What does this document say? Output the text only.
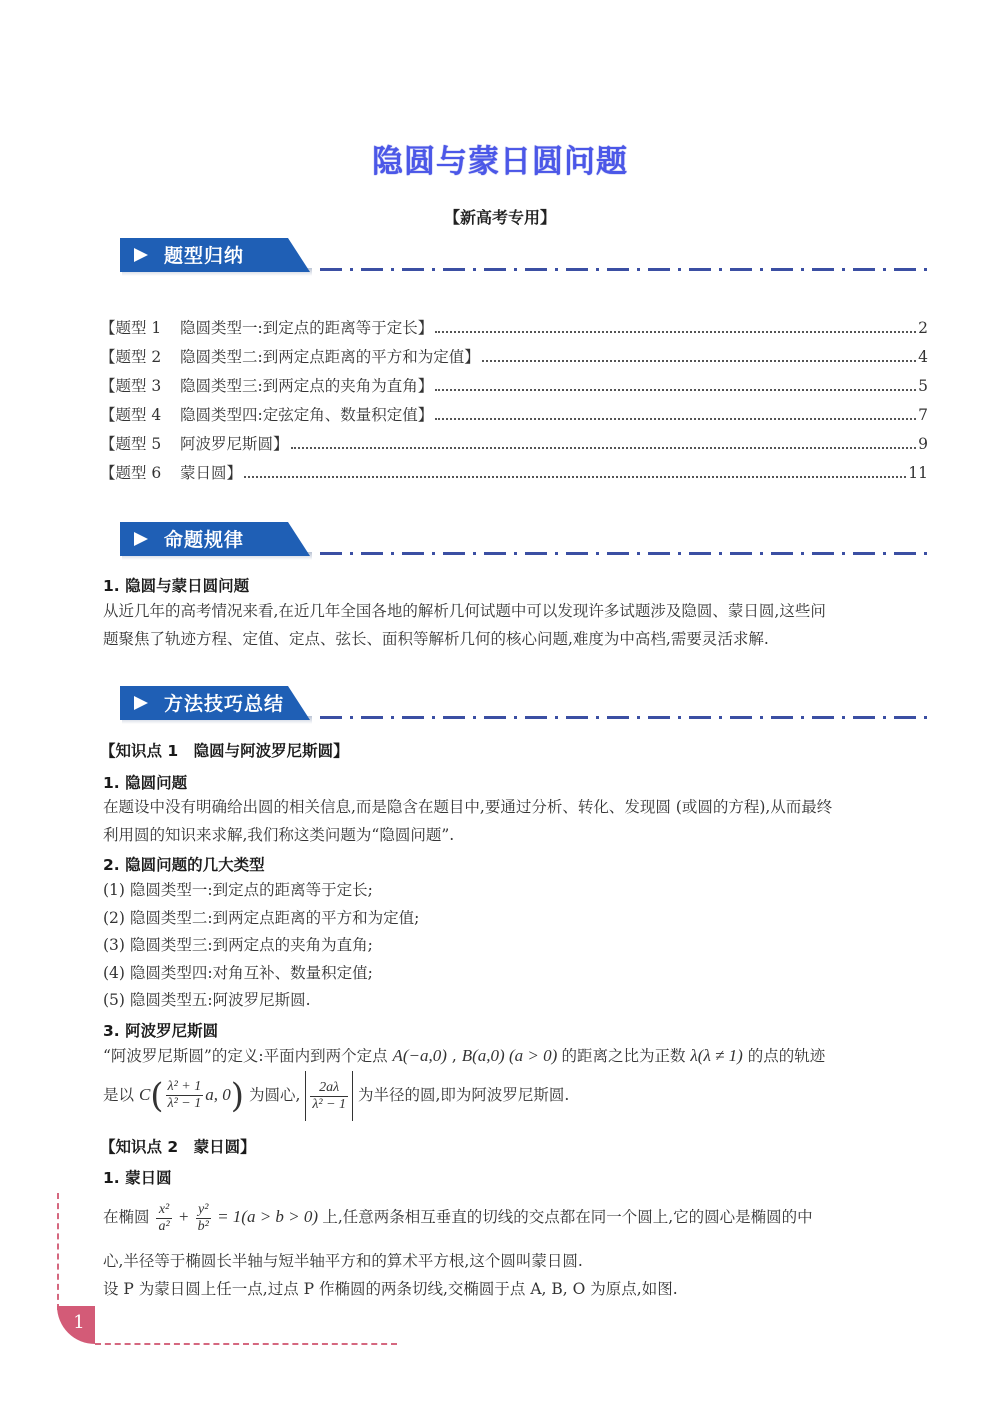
隐圆与蒙日圆问题
【新高考专用】
题型归纳
【题型 1	隐圆类型一:到定点的距离等于定长】	2
【题型 2	隐圆类型二:到两定点距离的平方和为定值】	4
【题型 3	隐圆类型三:到两定点的夹角为直角】	5
【题型 4	隐圆类型四:定弦定角、数量积定值】	7
【题型 5	阿波罗尼斯圆】	9
【题型 6	蒙日圆】	11
命题规律
1. 隐圆与蒙日圆问题
从近几年的高考情况来看,在近几年全国各地的解析几何试题中可以发现许多试题涉及隐圆、蒙日圆,这些问
题聚焦了轨迹方程、定值、定点、弦长、面积等解析几何的核心问题,难度为中高档,需要灵活求解.
方法技巧总结
【知识点 1　隐圆与阿波罗尼斯圆】
1. 隐圆问题
在题设中没有明确给出圆的相关信息,而是隐含在题目中,要通过分析、转化、发现圆 (或圆的方程),从而最终
利用圆的知识来求解,我们称这类问题为“隐圆问题”.
2. 隐圆问题的几大类型
(1) 隐圆类型一:到定点的距离等于定长;
(2) 隐圆类型二:到两定点距离的平方和为定值;
(3) 隐圆类型三:到两定点的夹角为直角;
(4) 隐圆类型四:对角互补、数量积定值;
(5) 隐圆类型五:阿波罗尼斯圆.
3. 阿波罗尼斯圆
“阿波罗尼斯圆”的定义:平面内到两个定点 A(−a,0) , B(a,0) (a > 0) 的距离之比为正数 λ(λ ≠ 1) 的点的轨迹
是以 $C( \frac{\text{λ² + 1}}{\text{λ² − 1}} a$, 0) 为圆心, $\frac{2a\lambda}{\text{λ² − 1}}$ 为半径的圆,即为阿波罗尼斯圆.
【知识点 2　蒙日圆】
1. 蒙日圆
在椭圆 $\frac{\text{x²}}{\text{a²}} + \frac{\text{y²}}{\text{b²}} = 1(a > b > 0)$ 上,任意两条相互垂直的切线的交点都在同一个圆上,它的圆心是椭圆的中
心,半径等于椭圆长半轴与短半轴平方和的算术平方根,这个圆叫蒙日圆.
设 P 为蒙日圆上任一点,过点 P 作椭圆的两条切线,交椭圆于点 A, B, O 为原点,如图.
1
